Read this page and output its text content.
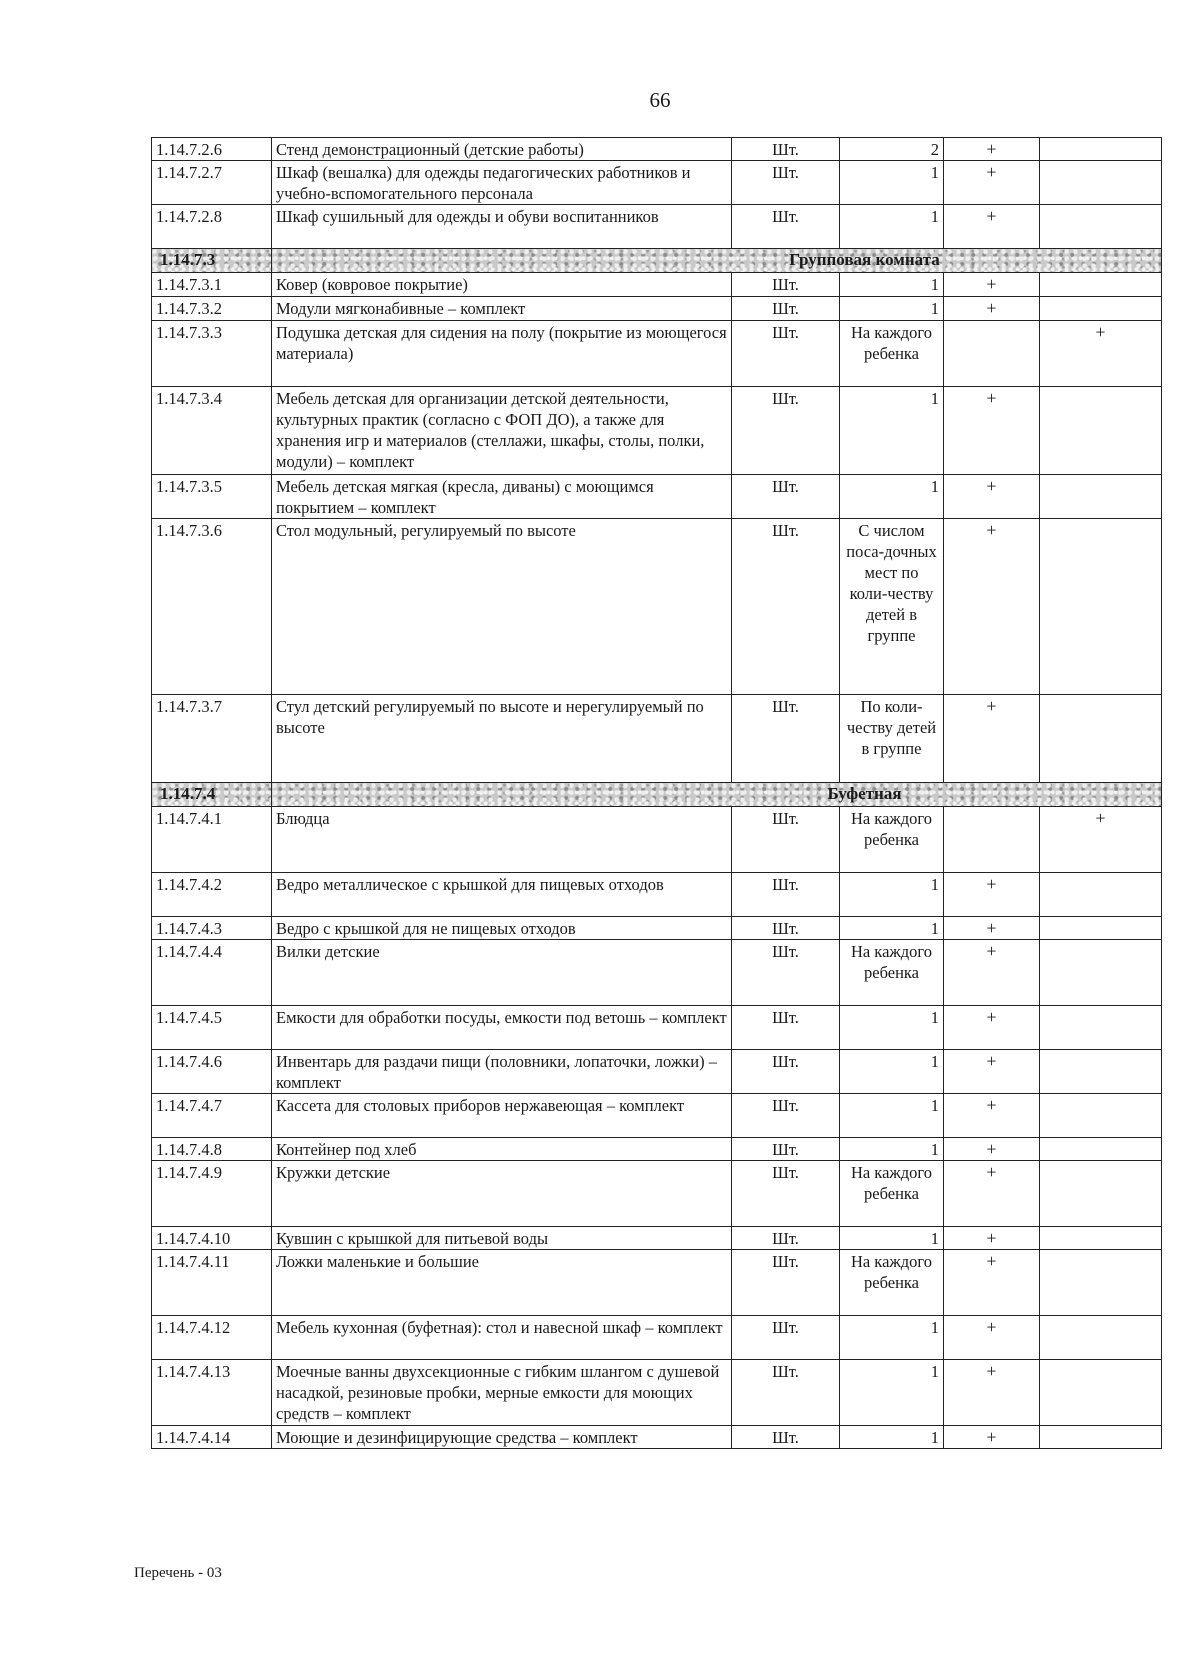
66
1.14.7.2.6	Стенд демонстрационный (детские работы)	Шт.	2	+	
1.14.7.2.7	Шкаф (вешалка) для одежды педагогических работников и учебно-вспомогательного персонала	Шт.	1	+	
1.14.7.2.8	Шкаф сушильный для одежды и обуви воспитанников	Шт.	1	+	
1.14.7.3	Групповая комната				
1.14.7.3.1	Ковер (ковровое покрытие)	Шт.	1	+	
1.14.7.3.2	Модули мягконабивные – комплект	Шт.	1	+	
1.14.7.3.3	Подушка детская для сидения на полу (покрытие из моющегося материала)	Шт.	На каждого ребенка		+
1.14.7.3.4	Мебель детская для организации детской деятельности, культурных практик (согласно с ФОП ДО), а также для хранения игр и материалов (стеллажи, шкафы, столы, полки, модули) – комплект	Шт.	1	+	
1.14.7.3.5	Мебель детская мягкая (кресла, диваны) с моющимся покрытием – комплект	Шт.	1	+	
1.14.7.3.6	Стол модульный, регулируемый по высоте	Шт.	С числом поса-дочных мест по коли-честву детей в группе	+	
1.14.7.3.7	Стул детский регулируемый по высоте и нерегулируемый по высоте	Шт.	По коли-честву детей в группе	+	
1.14.7.4	Буфетная				
1.14.7.4.1	Блюдца	Шт.	На каждого ребенка		+
1.14.7.4.2	Ведро металлическое с крышкой для пищевых отходов	Шт.	1	+	
1.14.7.4.3	Ведро с крышкой для не пищевых отходов	Шт.	1	+	
1.14.7.4.4	Вилки детские	Шт.	На каждого ребенка	+	
1.14.7.4.5	Емкости для обработки посуды, емкости под ветошь – комплект	Шт.	1	+	
1.14.7.4.6	Инвентарь для раздачи пищи (половники, лопаточки, ложки) – комплект	Шт.	1	+	
1.14.7.4.7	Кассета для столовых приборов нержавеющая – комплект	Шт.	1	+	
1.14.7.4.8	Контейнер под хлеб	Шт.	1	+	
1.14.7.4.9	Кружки детские	Шт.	На каждого ребенка	+	
1.14.7.4.10	Кувшин с крышкой для питьевой воды	Шт.	1	+	
1.14.7.4.11	Ложки маленькие и большие	Шт.	На каждого ребенка	+	
1.14.7.4.12	Мебель кухонная (буфетная): стол и навесной шкаф – комплект	Шт.	1	+	
1.14.7.4.13	Моечные ванны двухсекционные с гибким шлангом с душевой насадкой, резиновые пробки, мерные емкости для моющих средств – комплект	Шт.	1	+	
1.14.7.4.14	Моющие и дезинфицирующие средства – комплект	Шт.	1	+	
Перечень - 03
